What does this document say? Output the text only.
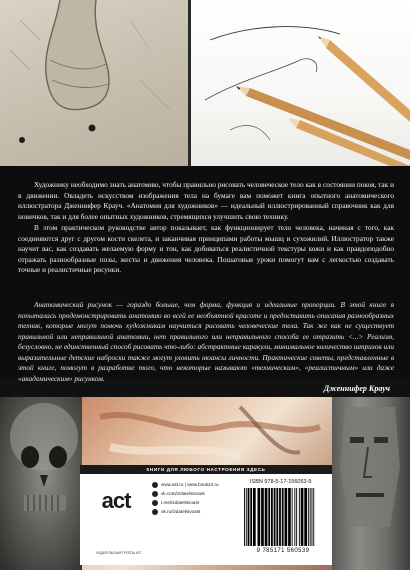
Художнику необходимо знать анатомию, чтобы правильно рисовать человеческое тело как в состоянии покоя, так и в движении. Овладеть искусством изображения тела на бумаге вам поможет книга опытного анатомического иллюстратора Дженнифер Крауч. «Анатомия для художников» — идеальный иллюстрированный справочник как для новичков, так и для более опытных художников, стремящихся улучшить свою технику.

В этом практическом руководстве автор показывает, как функционирует тело человека, начиная с того, как соединяются друг с другом кости скелета, и заканчивая принципами работы мышц и сухожилий. Иллюстратор также научит вас, как создавать желаемую форму и тон, как добиваться реалистичной текстуры кожи и как правдоподобно отражать разнообразные позы, жесты и движения человека. Пошаговые уроки помогут вам с легкостью создавать точные и реалистичные рисунки.

Анатомический рисунок — гораздо больше, чем форма, функция и идеальные пропорции. В этой книге я попыталась продемонстрировать анатомию во всей ее необъятной красоте и предоставить описания разнообразных техник, которые могут помочь художникам научиться рисовать человеческие тела. Так же как не существует правильной или неправильной анатомии, нет правильного или неправильного способа ее отразить <...> Реализм, безусловно, не единственный способ рисовать что-либо: абстрактные каракули, минимальное количество штрихов или выразительные детские наброски также могут уловить нюансы личности. Практические советы, представленные в этой книге, помогут в разработке того, что некоторые называют «техническим», «реалистичным» или даже «академическим» рисунком.

Дженнифер Крауч

КНИГИ ДЛЯ ЛЮБОГО НАСТРОЕНИЯ ЗДЕСЬ
act

ИЗДАТЕЛЬСКАЯ ГРУППА АСТ

www.ast.ru | www.book24.ru
vk.com/izdatelstvoast
t.me/izdatelstvoast
ok.ru/izdatelstvoast

ISBN 978-5-17-156053-9

9 785171 560539
